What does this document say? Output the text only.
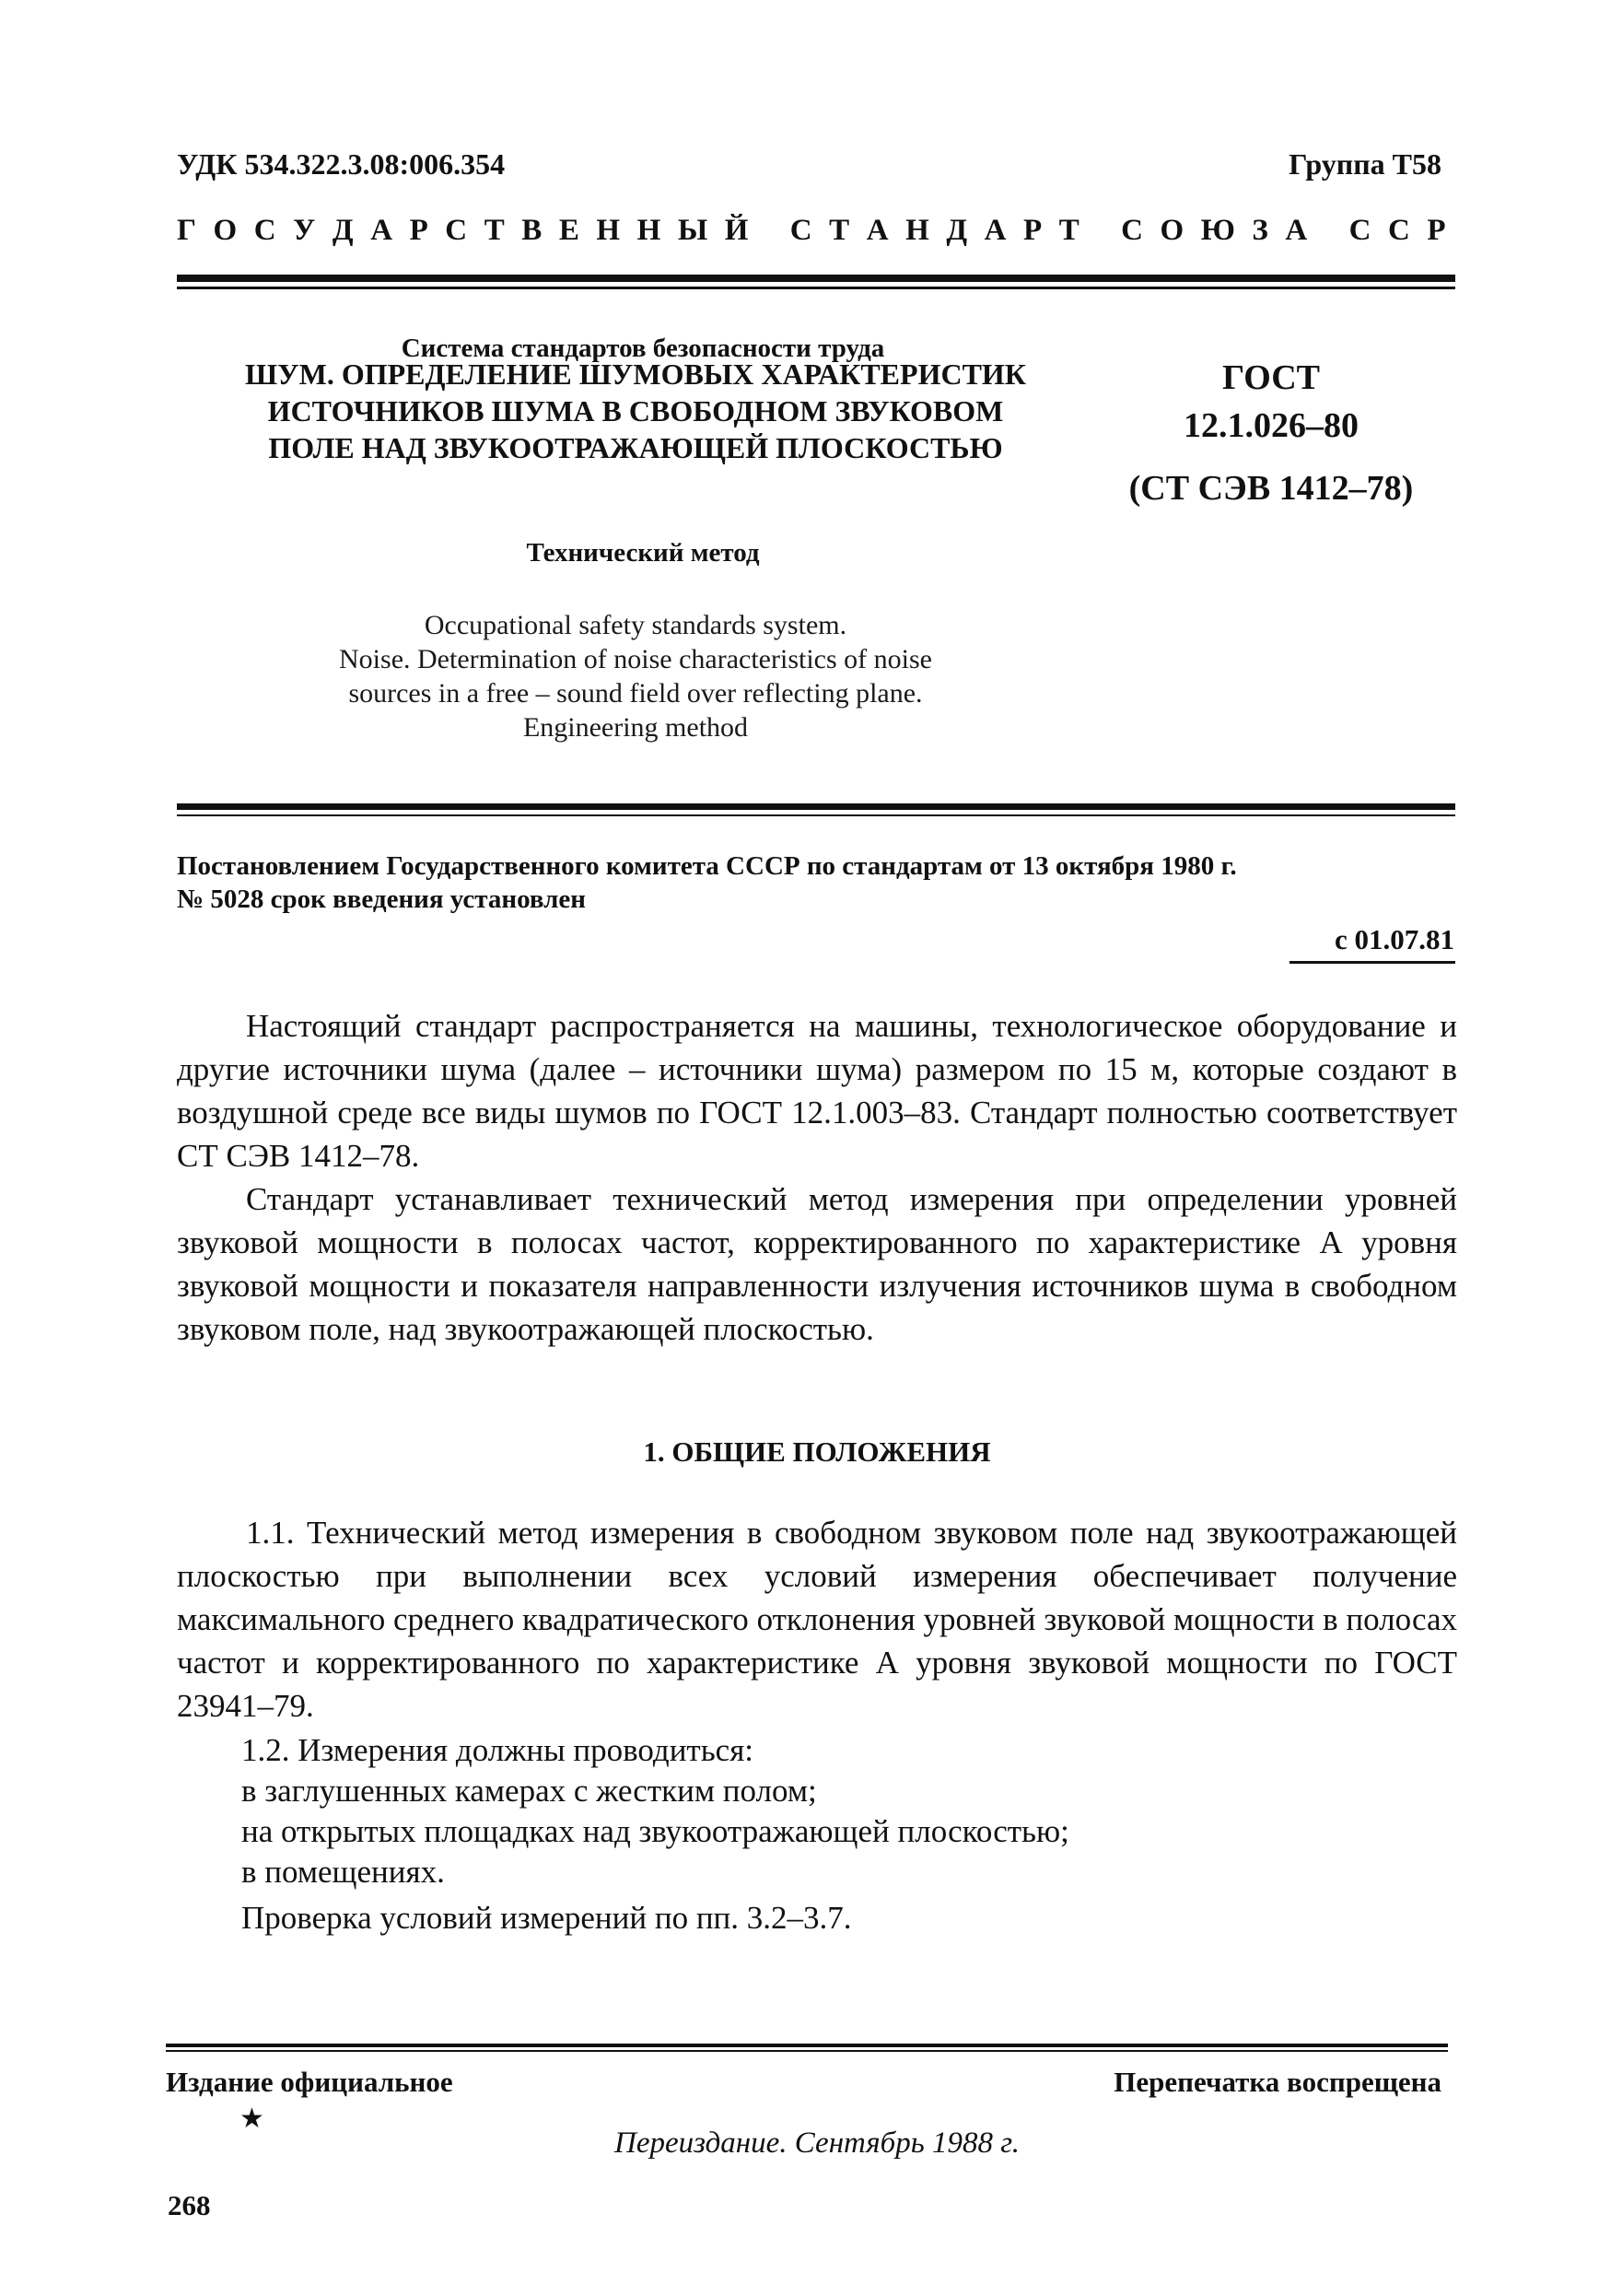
УДК 534.322.3.08:006.354	Группа Т58
Г О С У Д А Р С Т В Е Н Н Ы Й
С Т А Н Д А Р Т
С О Ю З А
С С Р
Система стандартов безопасности труда
ШУМ. ОПРЕДЕЛЕНИЕ ШУМОВЫХ ХАРАКТЕРИСТИК
ИСТОЧНИКОВ ШУМА В СВОБОДНОМ ЗВУКОВОМ
ПОЛЕ НАД ЗВУКООТРАЖАЮЩЕЙ ПЛОСКОСТЬЮ
ГОСТ
12.1.026–80
(СТ СЭВ 1412–78)
Технический метод
Occupational safety standards system.
Noise. Determination of noise characteristics of noise
sources in a free – sound field over reflecting plane.
Engineering method
Постановлением Государственного комитета СССР по стандартам от 13 октября 1980 г.
№ 5028 срок введения установлен
с 01.07.81

Настоящий стандарт распространяется на машины, технологическое оборудование и другие источники шума (далее – источники шума) размером по 15 м, которые создают в воздушной среде все виды шумов по ГОСТ 12.1.003–83. Стандарт полностью соответствует СТ СЭВ 1412–78.

Стандарт устанавливает технический метод измерения при определении уровней звуковой мощности в полосах частот, корректированного по характеристике А уровня звуковой мощности и показателя направленности излучения источников шума в свободном звуковом поле, над звукоотражающей плоскостью.

1. ОБЩИЕ ПОЛОЖЕНИЯ

1.1. Технический метод измерения в свободном звуковом поле над звукоотражающей плоскостью при выполнении всех условий измерения обеспечивает получение максимального среднего квадратического отклонения уровней звуковой мощности в полосах частот и корректированного по характеристике А уровня звуковой мощности по ГОСТ 23941–79.

1.2. Измерения должны проводиться:
в заглушенных камерах с жестким полом;
на открытых площадках над звукоотражающей плоскостью;
в помещениях.
Проверка условий измерений по пп. 3.2–3.7.
Издание официальное	Перепечатка воспрещена
★
Переиздание. Сентябрь 1988 г.
268
